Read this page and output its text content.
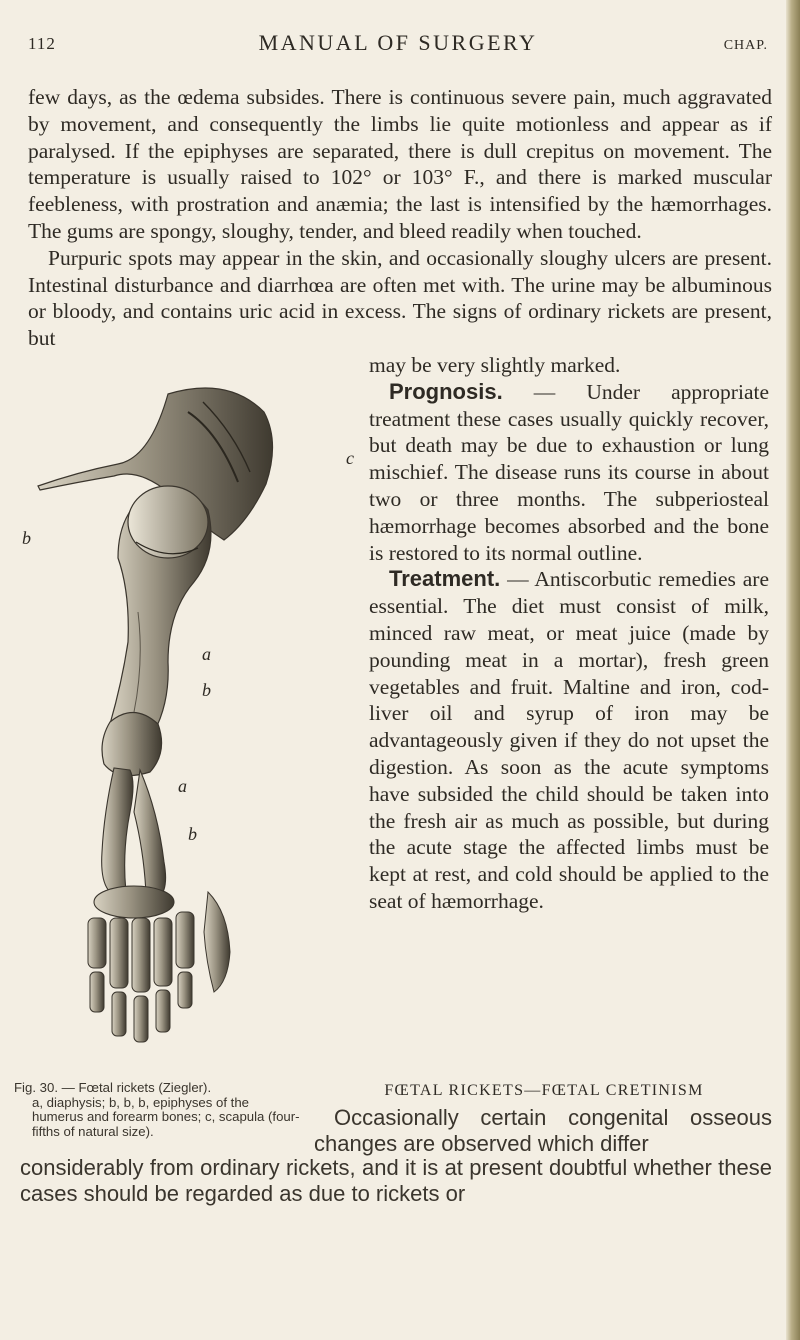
112	MANUAL OF SURGERY	CHAP.

few days, as the œdema subsides. There is continuous severe pain, much aggravated by movement, and consequently the limbs lie quite motionless and appear as if paralysed. If the epiphyses are separated, there is dull crepitus on movement. The temperature is usually raised to 102° or 103° F., and there is marked muscular feebleness, with prostration and anæmia; the last is intensified by the hæmorrhages. The gums are spongy, sloughy, tender, and bleed readily when touched.

Purpuric spots may appear in the skin, and occasionally sloughy ulcers are present. Intestinal disturbance and diarrhœa are often met with. The urine may be albuminous or bloody, and contains uric acid in excess. The signs of ordinary rickets are present, but

may be very slightly marked.

Prognosis. — Under appropriate treatment these cases usually quickly recover, but death may be due to exhaustion or lung mischief. The disease runs its course in about two or three months. The subperiosteal hæmorrhage becomes absorbed and the bone is restored to its normal outline.

Treatment. — Antiscorbutic remedies are essential. The diet must consist of milk, minced raw meat, or meat juice (made by pounding meat in a mortar), fresh green vegetables and fruit. Maltine and iron, cod-liver oil and syrup of iron may be advantageously given if they do not upset the digestion. As soon as the acute symptoms have subsided the child should be taken into the fresh air as much as possible, but during the acute stage the affected limbs must be kept at rest, and cold should be applied to the seat of hæmorrhage.

c
b
a
b
a
b
Fig. 30. — Fœtal rickets (Ziegler).
a, diaphysis; b, b, b, epiphyses of the humerus and forearm bones; c, scapula (four-fifths of natural size).
FŒTAL RICKETS—FŒTAL CRETINISM

Occasionally certain congenital osseous changes are observed which differ

considerably from ordinary rickets, and it is at present doubtful whether these cases should be regarded as due to rickets or
